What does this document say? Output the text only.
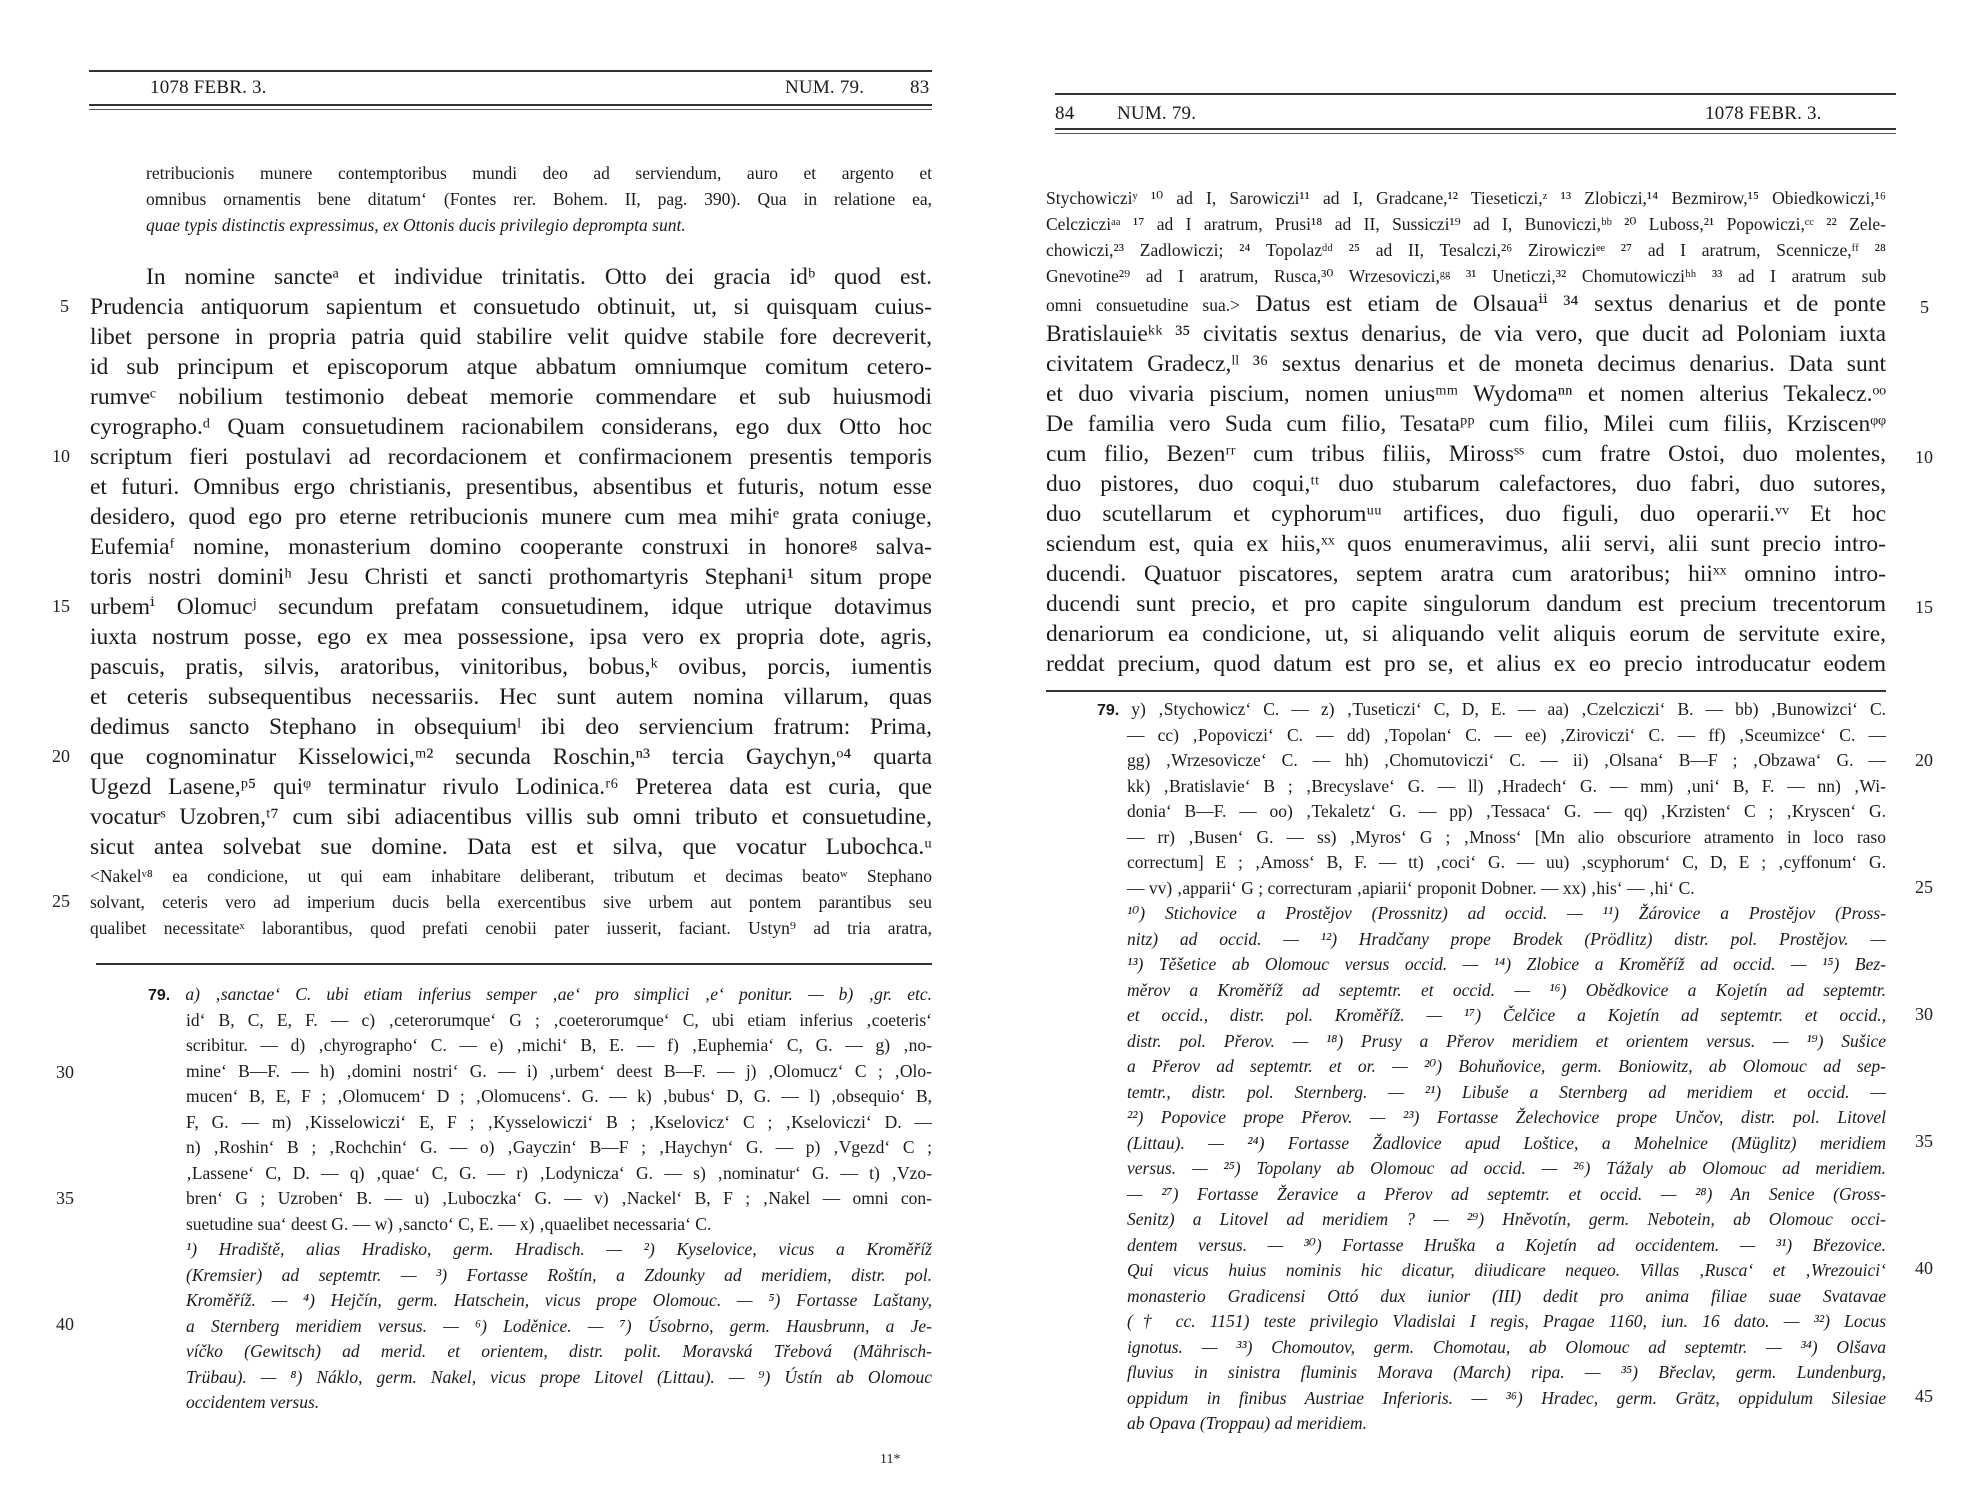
1078 FEBR. 3.	NUM. 79. 83
retribucionis munere contemptoribus mundi deo ad serviendum, auro et argento et
omnibus ornamentis bene ditatum‘ (Fontes rer. Bohem. II, pag. 390). Qua in relatione ea,
quae typis distinctis expressimus, ex Ottonis ducis privilegio deprompta sunt.
In nomine sancteᵃ et individue trinitatis. Otto dei gracia idᵇ quod est.
Prudencia antiquorum sapientum et consuetudo obtinuit, ut, si quisquam cuius-
libet persone in propria patria quid stabilire velit quidve stabile fore decreverit,
id sub principum et episcoporum atque abbatum omniumque comitum cetero-
rumveᶜ nobilium testimonio debeat memorie commendare et sub huiusmodi
cyrographo.ᵈ Quam consuetudinem racionabilem considerans, ego dux Otto hoc
scriptum fieri postulavi ad recordacionem et confirmacionem presentis temporis
et futuri. Omnibus ergo christianis, presentibus, absentibus et futuris, notum esse
desidero, quod ego pro eterne retribucionis munere cum mea mihiᵉ grata coniuge,
Eufemiaᶠ nomine, monasterium domino cooperante construxi in honoreᵍ salva-
toris nostri dominiʰ Jesu Christi et sancti prothomartyris Stephani¹ situm prope
urbemⁱ Olomucʲ secundum prefatam consuetudinem, idque utrique dotavimus
iuxta nostrum posse, ego ex mea possessione, ipsa vero ex propria dote, agris,
pascuis, pratis, silvis, aratoribus, vinitoribus, bobus,ᵏ ovibus, porcis, iumentis
et ceteris subsequentibus necessariis. Hec sunt autem nomina villarum, quas
dedimus sancto Stephano in obsequiumˡ ibi deo serviencium fratrum: Prima,
que cognominatur Kisselowici,ᵐ² secunda Roschin,ⁿ³ tercia Gaychyn,ᵒ⁴ quarta
Ugezd Lasene,ᵖ⁵ quiᵠ terminatur rivulo Lodinica.ʳ⁶ Preterea data est curia, que
vocaturˢ Uzobren,ᵗ⁷ cum sibi adiacentibus villis sub omni tributo et consuetudine,
sicut antea solvebat sue domine. Data est et silva, que vocatur Lubochca.ᵘ
5
10
15
20
<Nakelᵛ⁸ ea condicione, ut qui eam inhabitare deliberant, tributum et decimas beatoʷ Stephano
solvant, ceteris vero ad imperium ducis bella exercentibus sive urbem aut pontem parantibus seu
qualibet necessitateˣ laborantibus, quod prefati cenobii pater iusserit, faciant. Ustyn⁹ ad tria aratra,
25
79. a) ‚sanctae‘ C. ubi etiam inferius semper ‚ae‘ pro simplici ‚e‘ ponitur. — b) ‚gr. etc.
id‘ B, C, E, F. — c) ‚ceterorumque‘ G ; ‚coeterorumque‘ C, ubi etiam inferius ‚coeteris‘
scribitur. — d) ‚chyrographo‘ C. — e) ‚michi‘ B, E. — f) ‚Euphemia‘ C, G. — g) ‚no-
mine‘ B—F. — h) ‚domini nostri‘ G. — i) ‚urbem‘ deest B—F. — j) ‚Olomucz‘ C ; ‚Olo-
mucen‘ B, E, F ; ‚Olomucem‘ D ; ‚Olomucens‘. G. — k) ‚bubus‘ D, G. — l) ‚obsequio‘ B,
F, G. — m) ‚Kisselowiczi‘ E, F ; ‚Kysselowiczi‘ B ; ‚Kselovicz‘ C ; ‚Kseloviczi‘ D. —
n) ‚Roshin‘ B ; ‚Rochchin‘ G. — o) ‚Gayczin‘ B—F ; ‚Haychyn‘ G. — p) ‚Vgezd‘ C ;
‚Lassene‘ C, D. — q) ‚quae‘ C, G. — r) ‚Lodynicza‘ G. — s) ‚nominatur‘ G. — t) ‚Vzo-
bren‘ G ; Uzroben‘ B. — u) ‚Luboczka‘ G. — v) ‚Nackel‘ B, F ; ‚Nakel — omni con-
suetudine sua‘ deest G. — w) ‚sancto‘ C, E. — x) ‚quaelibet necessaria‘ C.
¹) Hradiště, alias Hradisko, germ. Hradisch. — ²) Kyselovice, vicus a Kroměříž
(Kremsier) ad septemtr. — ³) Fortasse Roštín, a Zdounky ad meridiem, distr. pol.
Kroměříž. — ⁴) Hejčín, germ. Hatschein, vicus prope Olomouc. — ⁵) Fortasse Laštany,
a Sternberg meridiem versus. — ⁶) Loděnice. — ⁷) Úsobrno, germ. Hausbrunn, a Je-
víčko (Gewitsch) ad merid. et orientem, distr. polit. Moravská Třebová (Mährisch-
Trübau). — ⁸) Náklo, germ. Nakel, vicus prope Litovel (Littau). — ⁹) Ústín ab Olomouc
occidentem versus.
30
35
40
11*
84 NUM. 79.	1078 FEBR. 3.
Stychowicziʸ ¹⁰ ad I, Sarowiczi¹¹ ad I, Gradcane,¹² Tieseticzi,ᶻ ¹³ Zlobiczi,¹⁴ Bezmirow,¹⁵ Obiedkowiczi,¹⁶
Celczicziᵃᵃ ¹⁷ ad I aratrum, Prusi¹⁸ ad II, Sussiczi¹⁹ ad I, Bunoviczi,ᵇᵇ ²⁰ Luboss,²¹ Popowiczi,ᶜᶜ ²² Zele-
chowiczi,²³ Zadlowiczi; ²⁴ Topolazᵈᵈ ²⁵ ad II, Tesalczi,²⁶ Zirowicziᵉᵉ ²⁷ ad I aratrum, Scennicze,ᶠᶠ ²⁸
Gnevotine²⁹ ad I aratrum, Rusca,³⁰ Wrzesoviczi,ᵍᵍ ³¹ Uneticzi,³² Chomutowicziʰʰ ³³ ad I aratrum sub
omni consuetudine sua.> Datus est etiam de Olsauaⁱⁱ ³⁴ sextus denarius et de ponte
Bratislauieᵏᵏ ³⁵ civitatis sextus denarius, de via vero, que ducit ad Poloniam iuxta
civitatem Gradecz,ˡˡ ³⁶ sextus denarius et de moneta decimus denarius. Data sunt
et duo vivaria piscium, nomen uniusᵐᵐ Wydomaⁿⁿ et nomen alterius Tekalecz.ᵒᵒ
De familia vero Suda cum filio, Tesataᵖᵖ cum filio, Milei cum filiis, Krziscenᵠᵠ
cum filio, Bezenʳʳ cum tribus filiis, Mirossˢˢ cum fratre Ostoi, duo molentes,
duo pistores, duo coqui,ᵗᵗ duo stubarum calefactores, duo fabri, duo sutores,
duo scutellarum et cyphorumᵘᵘ artifices, duo figuli, duo operarii.ᵛᵛ Et hoc
sciendum est, quia ex hiis,ˣˣ quos enumeravimus, alii servi, alii sunt precio intro-
ducendi. Quatuor piscatores, septem aratra cum aratoribus; hiiˣˣ omnino intro-
ducendi sunt precio, et pro capite singulorum dandum est precium trecentorum
denariorum ea condicione, ut, si aliquando velit aliquis eorum de servitute exire,
reddat precium, quod datum est pro se, et alius ex eo precio introducatur eodem
79. y) ‚Stychowicz‘ C. — z) ‚Tuseticzi‘ C, D, E. — aa) ‚Czelcziczi‘ B. — bb) ‚Bunowizci‘ C.
— cc) ‚Popoviczi‘ C. — dd) ‚Topolan‘ C. — ee) ‚Ziroviczi‘ C. — ff) ‚Sceumizce‘ C. —
gg) ‚Wrzesovicze‘ C. — hh) ‚Chomutoviczi‘ C. — ii) ‚Olsana‘ B—F ; ‚Obzawa‘ G. —
kk) ‚Bratislavie‘ B ; ‚Brecyslave‘ G. — ll) ‚Hradech‘ G. — mm) ‚uni‘ B, F. — nn) ‚Wi-
donia‘ B—F. — oo) ‚Tekaletz‘ G. — pp) ‚Tessaca‘ G. — qq) ‚Krzisten‘ C ; ‚Kryscen‘ G.
— rr) ‚Busen‘ G. — ss) ‚Myros‘ G ; ‚Mnoss‘ [Mn alio obscuriore atramento in loco raso
correctum] E ; ‚Amoss‘ B, F. — tt) ‚coci‘ G. — uu) ‚scyphorum‘ C, D, E ; ‚cyffonum‘ G.
— vv) ‚apparii‘ G ; correcturam ‚apiarii‘ proponit Dobner. — xx) ‚his‘ — ‚hi‘ C.
¹⁰) Stichovice a Prostějov (Prossnitz) ad occid. — ¹¹) Žárovice a Prostějov (Pross-
nitz) ad occid. — ¹²) Hradčany prope Brodek (Prödlitz) distr. pol. Prostějov. —
¹³) Těšetice ab Olomouc versus occid. — ¹⁴) Zlobice a Kroměříž ad occid. — ¹⁵) Bez-
měrov a Kroměříž ad septemtr. et occid. — ¹⁶) Obědkovice a Kojetín ad septemtr.
et occid., distr. pol. Kroměříž. — ¹⁷) Čelčice a Kojetín ad septemtr. et occid.,
distr. pol. Přerov. — ¹⁸) Prusy a Přerov meridiem et orientem versus. — ¹⁹) Sušice
a Přerov ad septemtr. et or. — ²⁰) Bohuňovice, germ. Boniowitz, ab Olomouc ad sep-
temtr., distr. pol. Sternberg. — ²¹) Libuše a Sternberg ad meridiem et occid. —
²²) Popovice prope Přerov. — ²³) Fortasse Želechovice prope Unčov, distr. pol. Litovel
(Littau). — ²⁴) Fortasse Žadlovice apud Loštice, a Mohelnice (Müglitz) meridiem
versus. — ²⁵) Topolany ab Olomouc ad occid. — ²⁶) Tážaly ab Olomouc ad meridiem.
— ²⁷) Fortasse Žeravice a Přerov ad septemtr. et occid. — ²⁸) An Senice (Gross-
Senitz) a Litovel ad meridiem ? — ²⁹) Hněvotín, germ. Nebotein, ab Olomouc occi-
dentem versus. — ³⁰) Fortasse Hruška a Kojetín ad occidentem. — ³¹) Březovice.
Qui vicus huius nominis hic dicatur, diiudicare nequeo. Villas ‚Rusca‘ et ‚Wrezouici‘
monasterio Gradicensi Ottó dux iunior (III) dedit pro anima filiae suae Svatavae
(† cc. 1151) teste privilegio Vladislai I regis, Pragae 1160, iun. 16 dato. — ³²) Locus
ignotus. — ³³) Chomoutov, germ. Chomotau, ab Olomouc ad septemtr. — ³⁴) Olšava
fluvius in sinistra fluminis Morava (March) ripa. — ³⁵) Břeclav, germ. Lundenburg,
oppidum in finibus Austriae Inferioris. — ³⁶) Hradec, germ. Grätz, oppidulum Silesiae
ab Opava (Troppau) ad meridiem.
5
10
15
20
25
30
35
40
45
